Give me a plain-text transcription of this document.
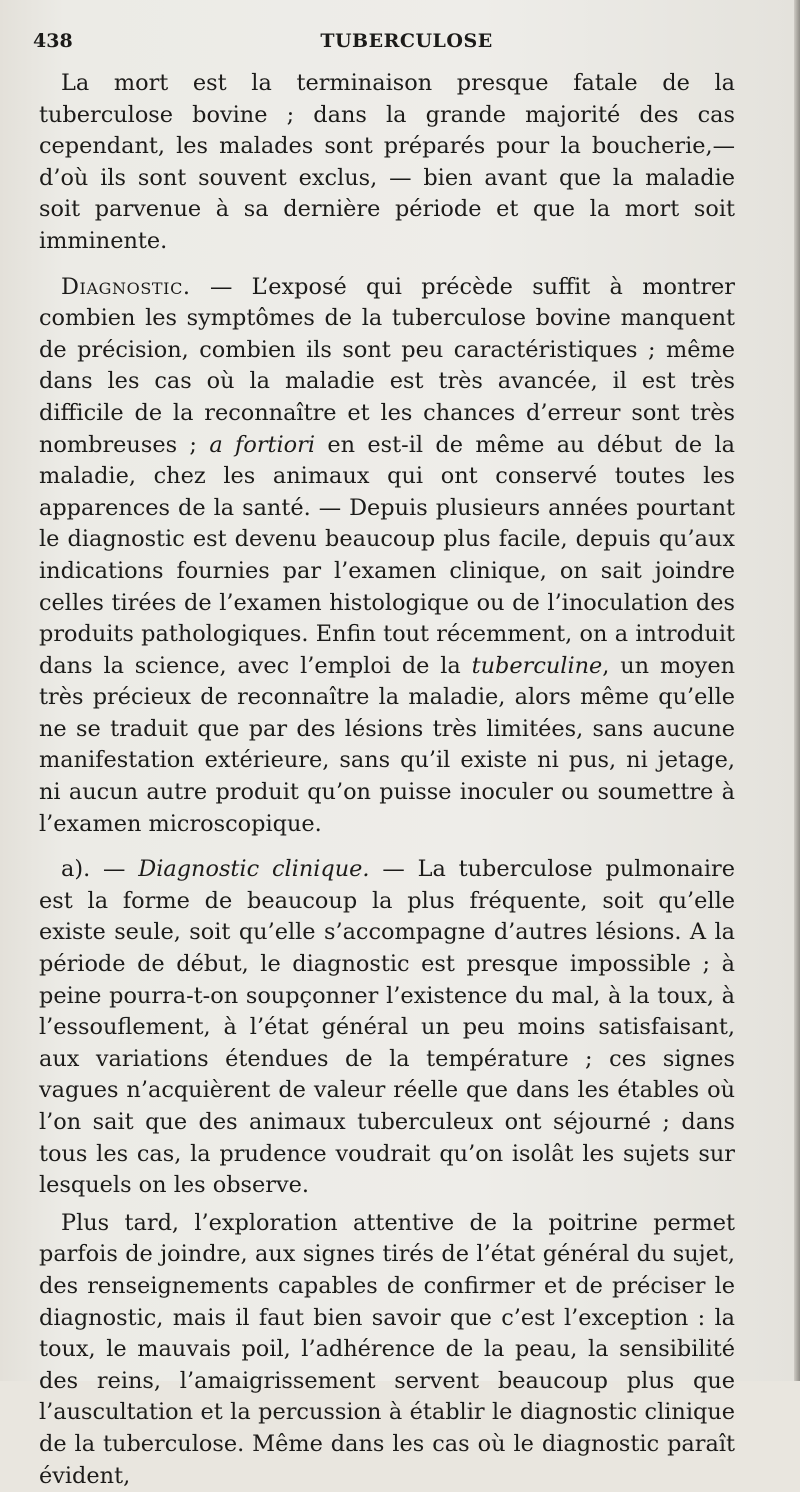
438	TUBERCULOSE

La mort est la terminaison presque fatale de la tuberculose bovine ; dans la grande majorité des cas cependant, les malades sont préparés pour la boucherie,— d’où ils sont souvent exclus, — bien avant que la maladie soit parvenue à sa dernière période et que la mort soit imminente.

Diagnostic. — L’exposé qui précède suffit à montrer combien les symptômes de la tuberculose bovine manquent de précision, combien ils sont peu caractéristiques ; même dans les cas où la maladie est très avancée, il est très difficile de la reconnaître et les chances d’erreur sont très nombreuses ; a fortiori en est-il de même au début de la maladie, chez les animaux qui ont conservé toutes les apparences de la santé. — Depuis plusieurs années pourtant le diagnostic est devenu beaucoup plus facile, depuis qu’aux indications fournies par l’examen clinique, on sait joindre celles tirées de l’examen histologique ou de l’inoculation des produits pathologiques. Enfin tout récemment, on a introduit dans la science, avec l’emploi de la tuberculine, un moyen très précieux de reconnaître la maladie, alors même qu’elle ne se traduit que par des lésions très limitées, sans aucune manifestation extérieure, sans qu’il existe ni pus, ni jetage, ni aucun autre produit qu’on puisse inoculer ou soumettre à l’examen microscopique.

a). — Diagnostic clinique. — La tuberculose pulmonaire est la forme de beaucoup la plus fréquente, soit qu’elle existe seule, soit qu’elle s’accompagne d’autres lésions. A la période de début, le diagnostic est presque impossible ; à peine pourra-t-on soupçonner l’existence du mal, à la toux, à l’essouflement, à l’état général un peu moins satisfaisant, aux variations étendues de la température ; ces signes vagues n’acquièrent de valeur réelle que dans les étables où l’on sait que des animaux tuberculeux ont séjourné ; dans tous les cas, la prudence voudrait qu’on isolât les sujets sur lesquels on les observe.

Plus tard, l’exploration attentive de la poitrine permet parfois de joindre, aux signes tirés de l’état général du sujet, des renseignements capables de confirmer et de préciser le diagnostic, mais il faut bien savoir que c’est l’exception : la toux, le mauvais poil, l’adhérence de la peau, la sensibilité des reins, l’amaigrissement servent beaucoup plus que l’auscultation et la percussion à établir le diagnostic clinique de la tuberculose. Même dans les cas où le diagnostic paraît évident,
